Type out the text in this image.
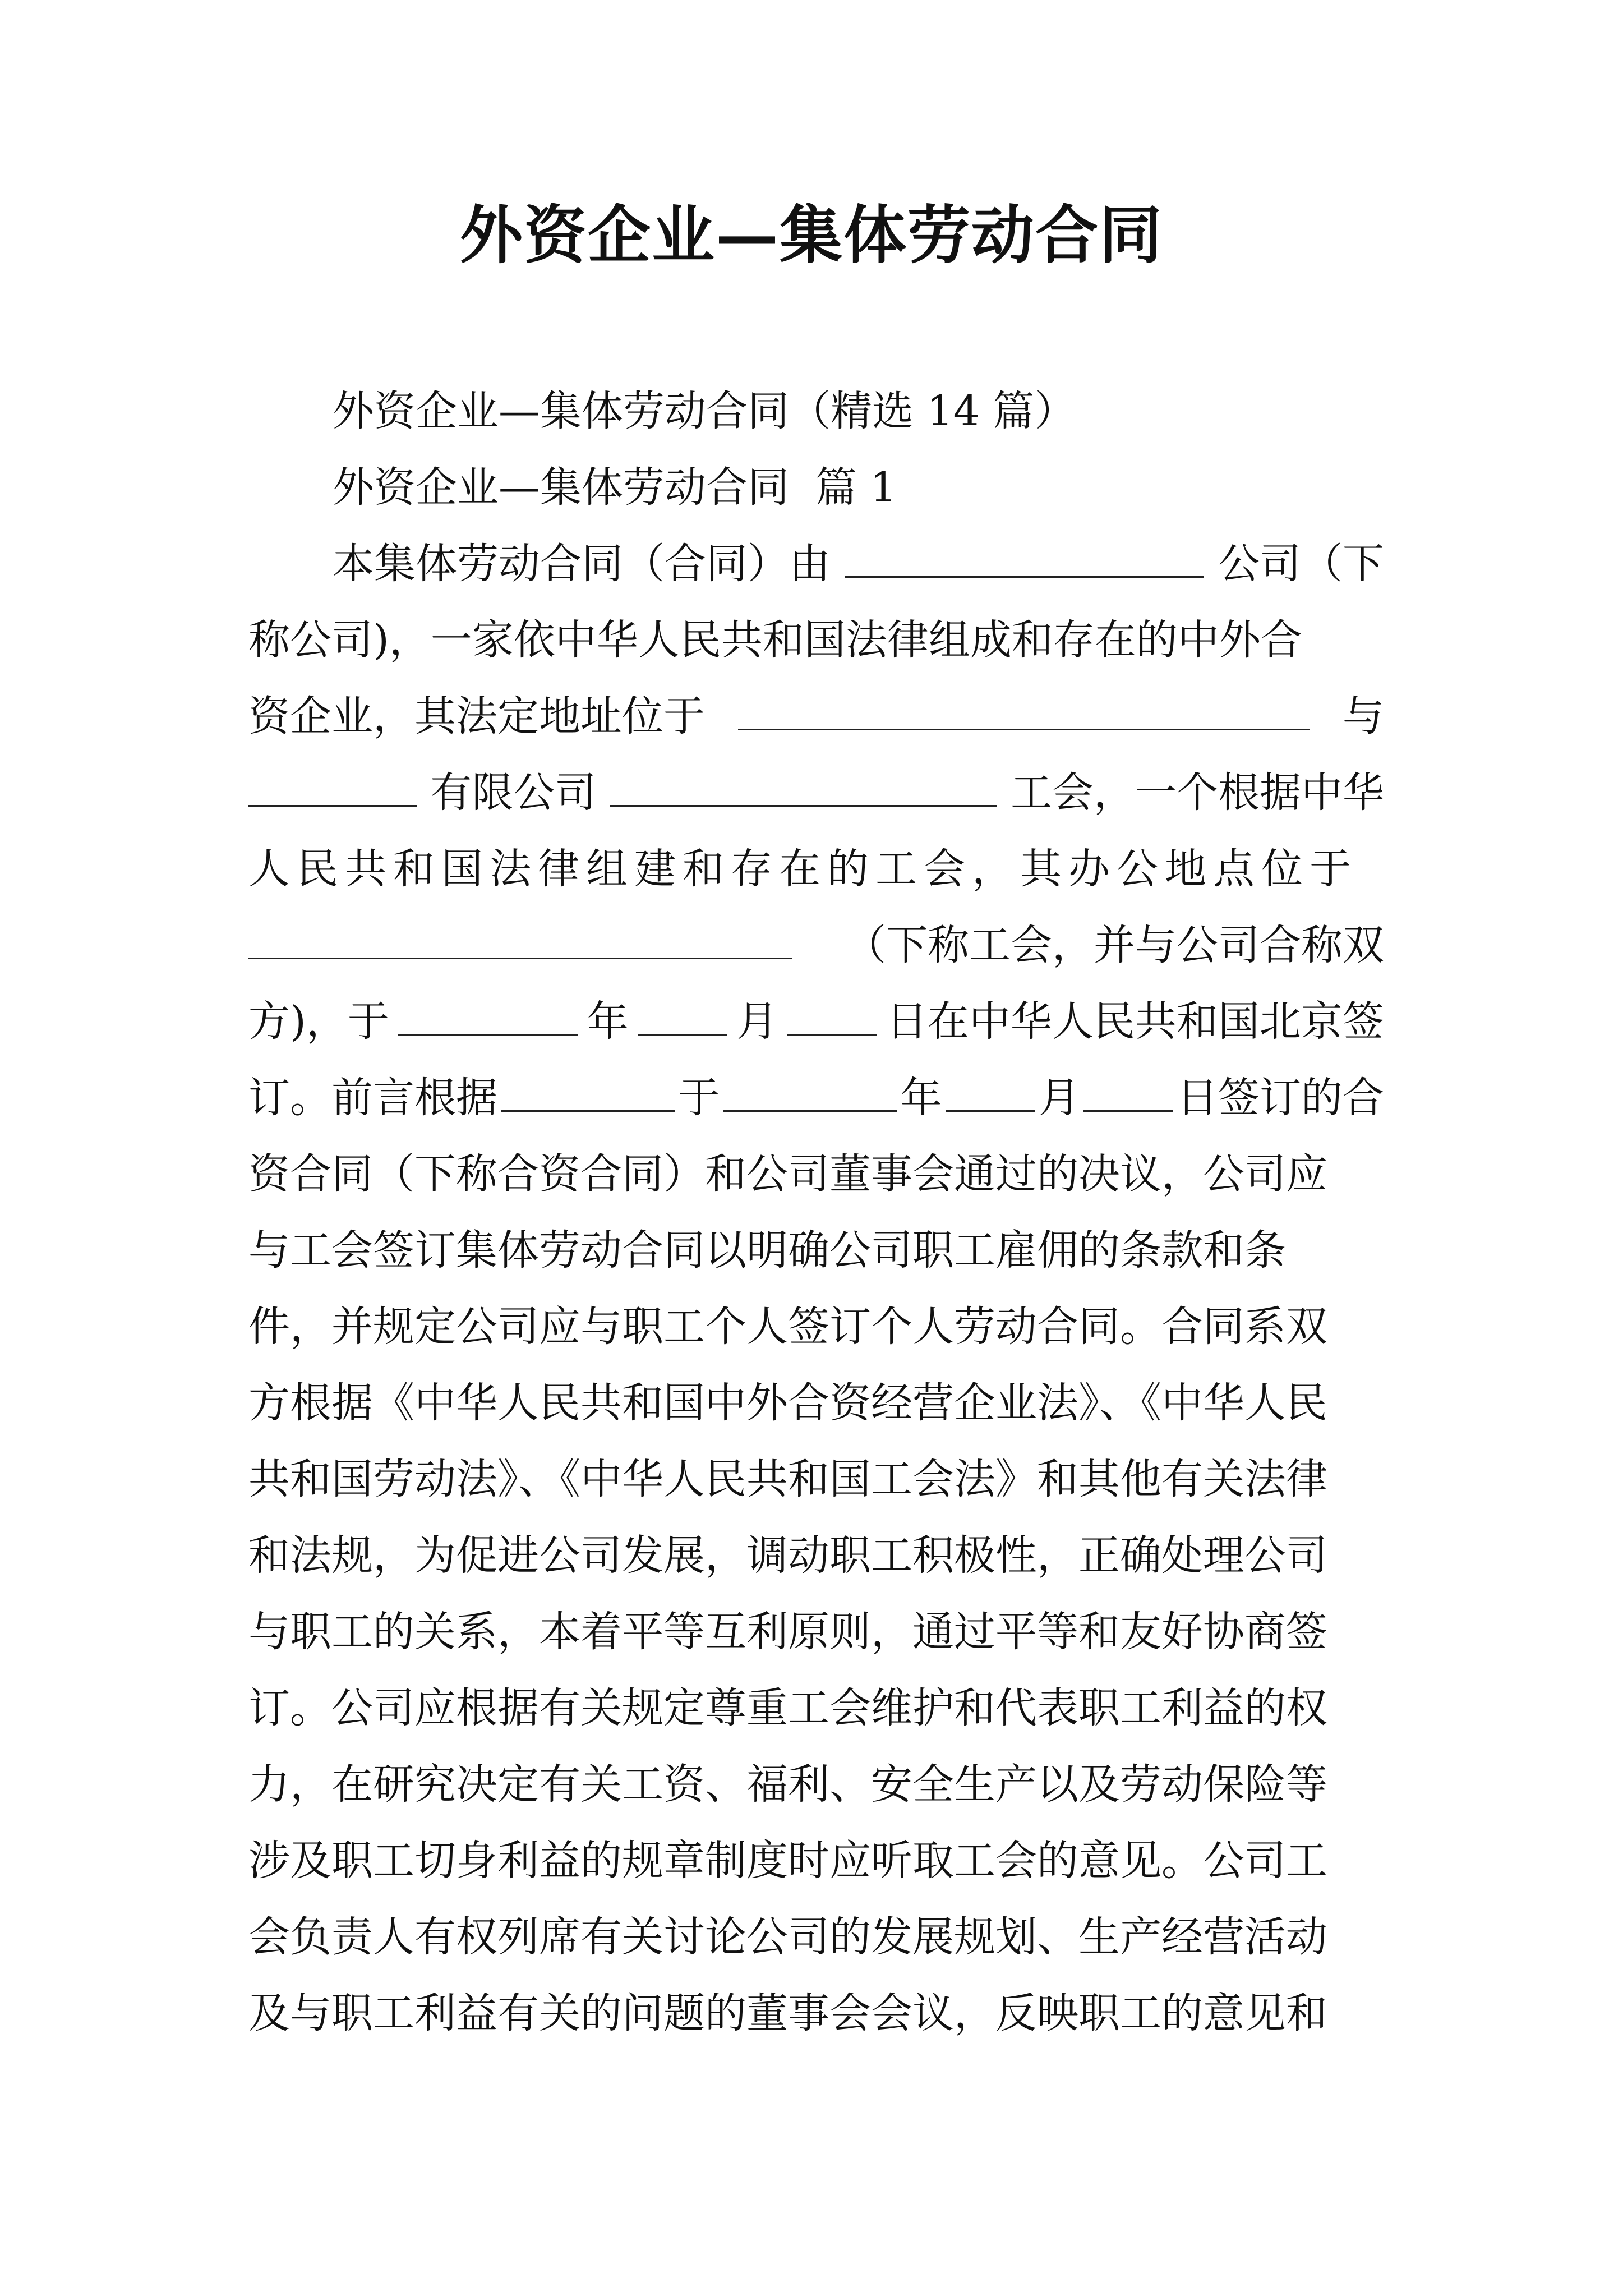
外资企业—集体劳动合同
外资企业—集体劳动合同（精选 14 篇）
外资企业—集体劳动合同  篇 1
本集体劳动合同（合同）由	公司（下
称公司)，一家依中华人民共和国法律组成和存在的中外合
资企业，其法定地址位于	与
有限公司	工会，一个根据中华
人民共和国法律组建和存在的工会，其办公地点位于
（下称工会，并与公司合称双
方)，于	年	月	日在中华人民共和国北京签
订。前言根据	于	年 月 日签订的合
资合同（下称合资合同）和公司董事会通过的决议，公司应
与工会签订集体劳动合同以明确公司职工雇佣的条款和条
件，并规定公司应与职工个人签订个人劳动合同。合同系双
方根据《中华人民共和国中外合资经营企业法》、《中华人民
共和国劳动法》、《中华人民共和国工会法》和其他有关法律
和法规，为促进公司发展，调动职工积极性，正确处理公司
与职工的关系，本着平等互利原则，通过平等和友好协商签
订。公司应根据有关规定尊重工会维护和代表职工利益的权
力，在研究决定有关工资、福利、安全生产以及劳动保险等
涉及职工切身利益的规章制度时应听取工会的意见。公司工
会负责人有权列席有关讨论公司的发展规划、生产经营活动
及与职工利益有关的问题的董事会会议，反映职工的意见和
